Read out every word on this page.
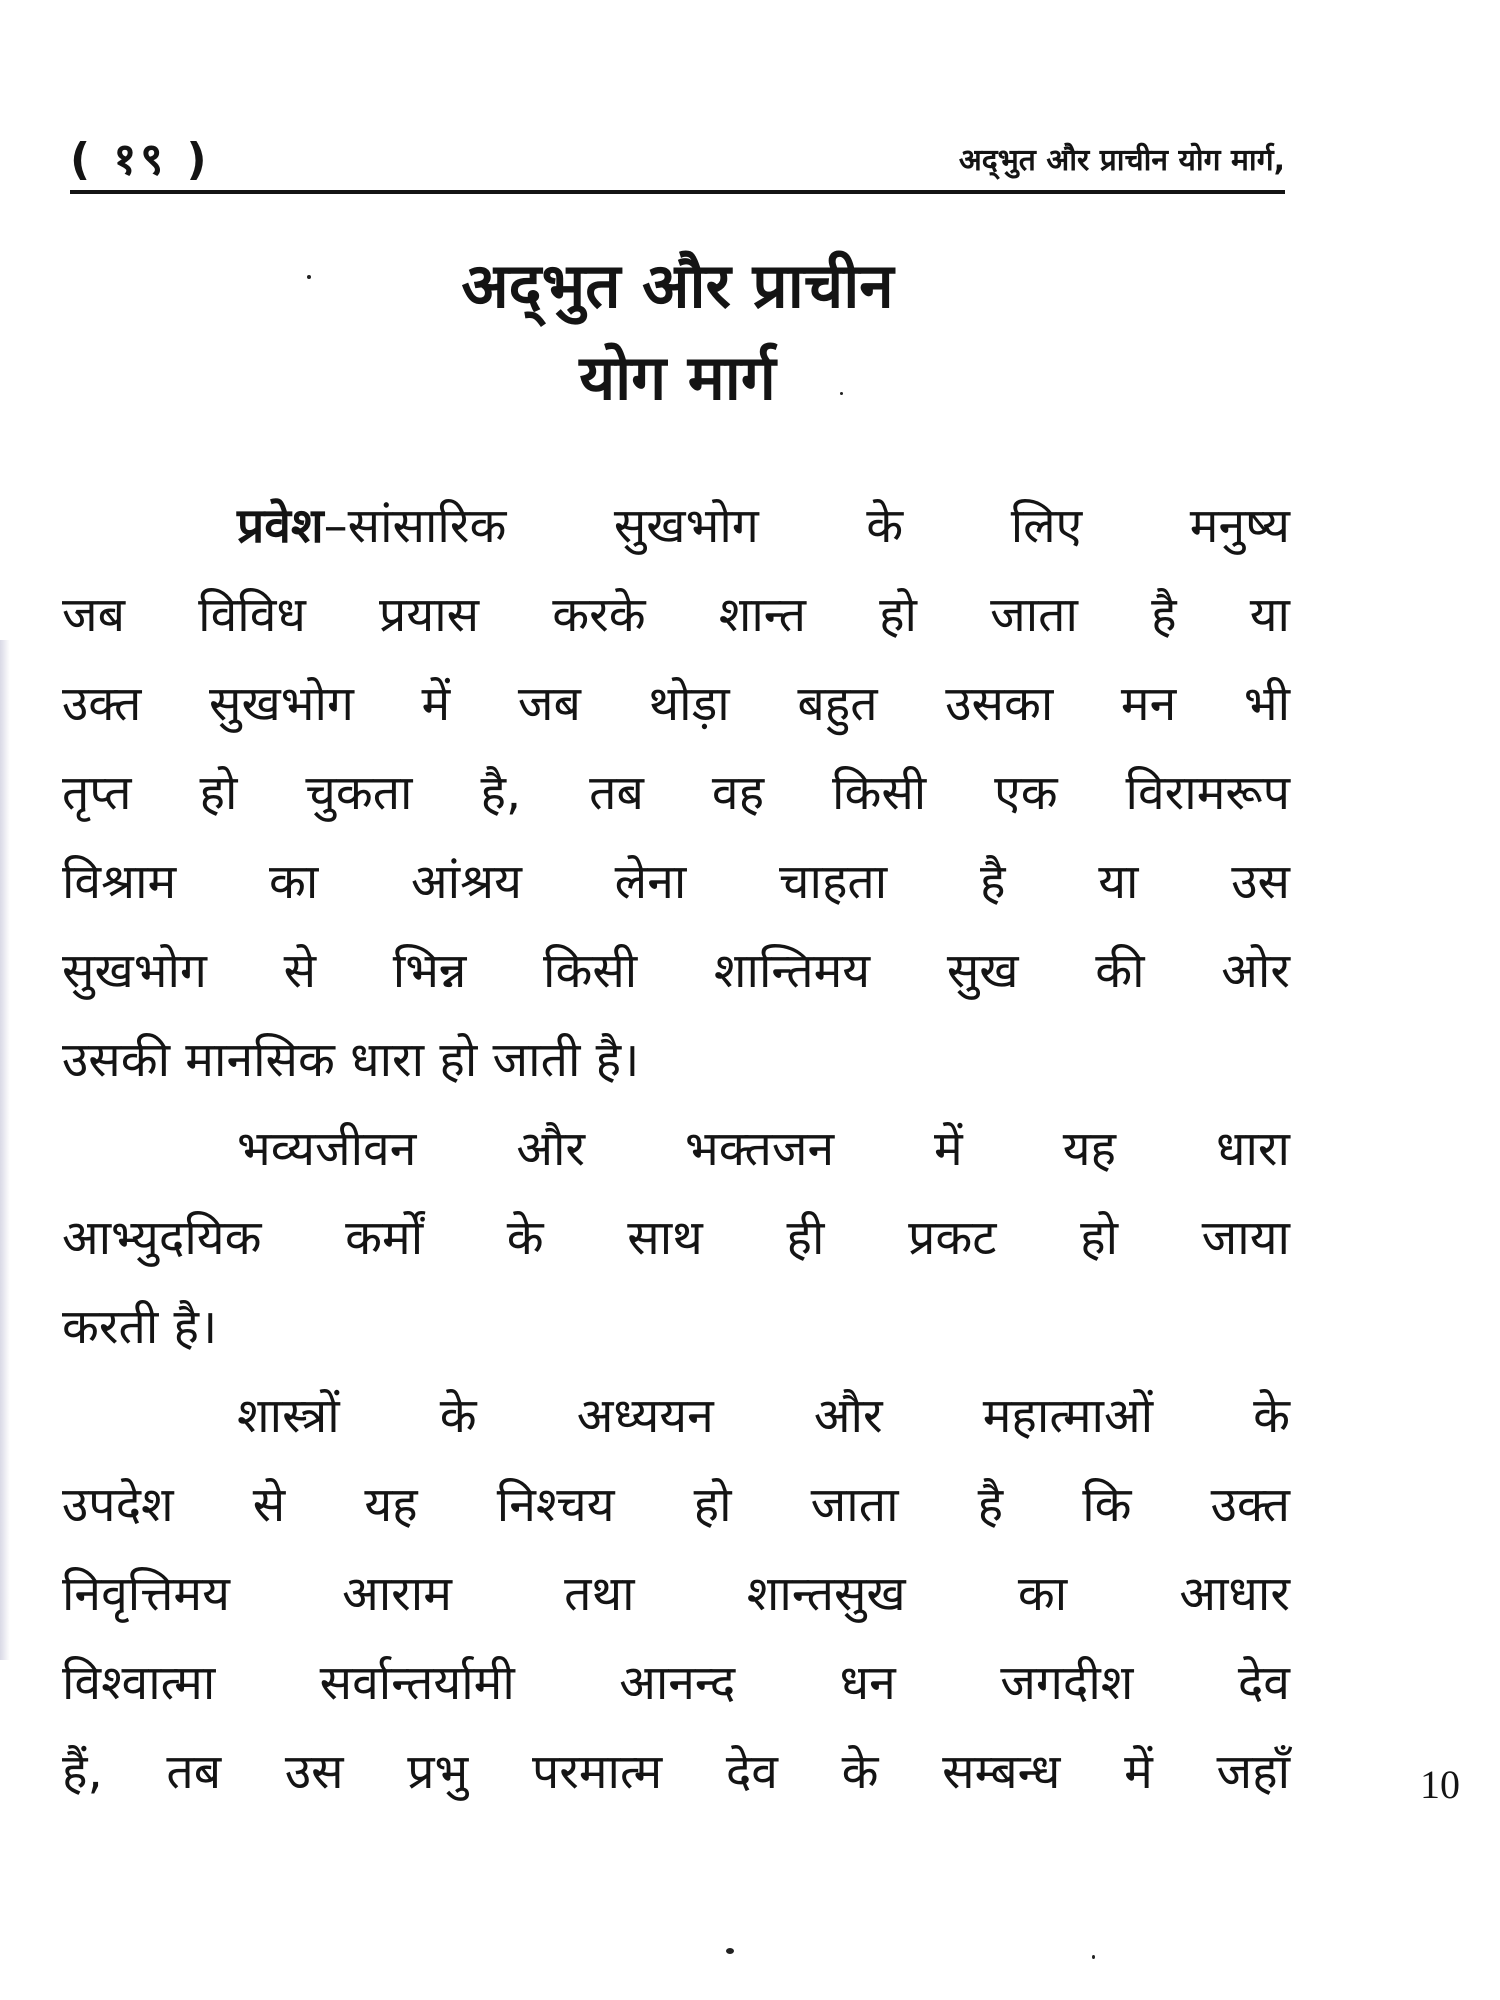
( १९ )	अद्‌भुत और प्राचीन योग मार्ग,
अद्‌भुत और प्राचीन
योग मार्ग
प्रवेश–सांसारिक सुखभोग के लिए मनुष्य
जब विविध प्रयास करके शान्त हो जाता है या
उक्त सुखभोग में जब थोड़ा बहुत उसका मन भी
तृप्त हो चुकता है, तब वह किसी एक विरामरूप
विश्राम का आंश्रय लेना चाहता है या उस
सुखभोग से भिन्न किसी शान्तिमय सुख की ओर
उसकी मानसिक धारा हो जाती है।
भव्यजीवन और भक्तजन में यह धारा
आभ्युदयिक कर्मों के साथ ही प्रकट हो जाया
करती है।
शास्त्रों के अध्ययन और महात्माओं के
उपदेश से यह निश्चय हो जाता है कि उक्त
निवृत्तिमय आराम तथा शान्तसुख का आधार
विश्वात्मा सर्वान्तर्यामी आनन्द धन जगदीश देव
हैं, तब उस प्रभु परमात्म देव के सम्बन्ध में जहाँ	10
